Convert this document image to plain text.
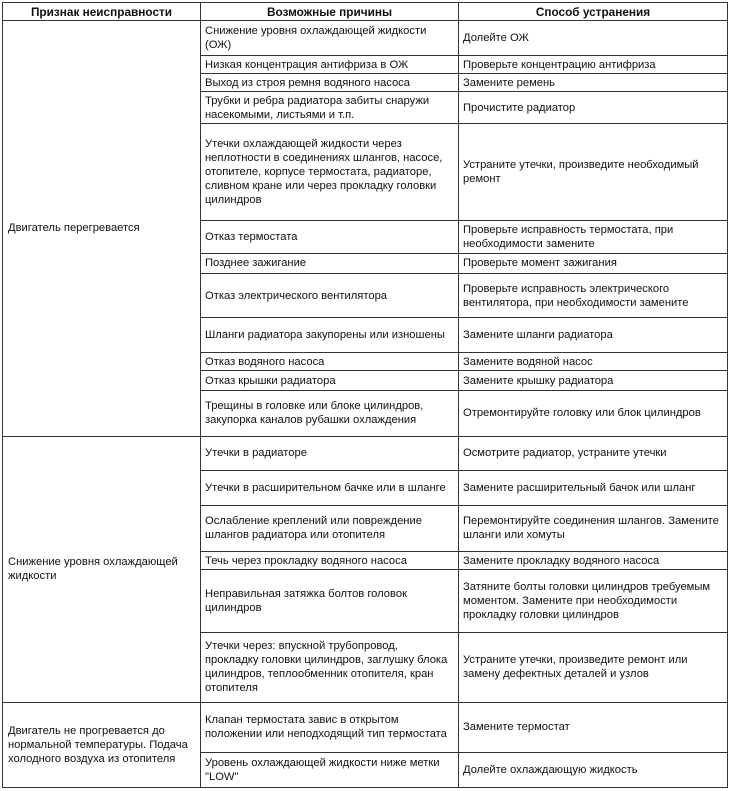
Признак неисправности	Возможные причины	Способ устранения
Двигатель перегревается	Снижение уровня охлаждающей жидкости (ОЖ)	Долейте ОЖ
	Низкая концентрация антифриза в ОЖ	Проверьте концентрацию антифриза
	Выход из строя ремня водяного насоса	Замените ремень
	Трубки и ребра радиатора забиты снаружи насекомыми, листьями и т.п.	Прочистите радиатор
	Утечки охлаждающей жидкости через неплотности в соединениях шлангов, насосе, отопителе, корпусе термостата, радиаторе, сливном кране или через прокладку головки цилиндров	Устраните утечки, произведите необходимый ремонт
	Отказ термостата	Проверьте исправность термостата, при необходимости замените
	Позднее зажигание	Проверьте момент зажигания
	Отказ электрического вентилятора	Проверьте исправность электрического вентилятора, при необходимости замените
	Шланги радиатора закупорены или изношены	Замените шланги радиатора
	Отказ водяного насоса	Замените водяной насос
	Отказ крышки радиатора	Замените крышку радиатора
	Трещины в головке или блоке цилиндров, закупорка каналов рубашки охлаждения	Отремонтируйте головку или блок цилиндров
Снижение уровня охлаждающей жидкости	Утечки в радиаторе	Осмотрите радиатор, устраните утечки
	Утечки в расширительном бачке или в шланге	Замените расширительный бачок или шланг
	Ослабление креплений или повреждение шлангов радиатора или отопителя	Перемонтируйте соединения шлангов. Замените шланги или хомуты
	Течь через прокладку водяного насоса	Замените прокладку водяного насоса
	Неправильная затяжка болтов головок цилиндров	Затяните болты головки цилиндров требуемым моментом. Замените при необходимости прокладку головки цилиндров
	Утечки через: впускной трубопровод, прокладку головки цилиндров, заглушку блока цилиндров, теплообменник отопителя, кран отопителя	Устраните утечки, произведите ремонт или замену дефектных деталей и узлов
Двигатель не прогревается до нормальной температуры. Подача холодного воздуха из отопителя	Клапан термостата завис в открытом положении или неподходящий тип термостата	Замените термостат
	Уровень охлаждающей жидкости ниже метки "LOW"	Долейте охлаждающую жидкость
